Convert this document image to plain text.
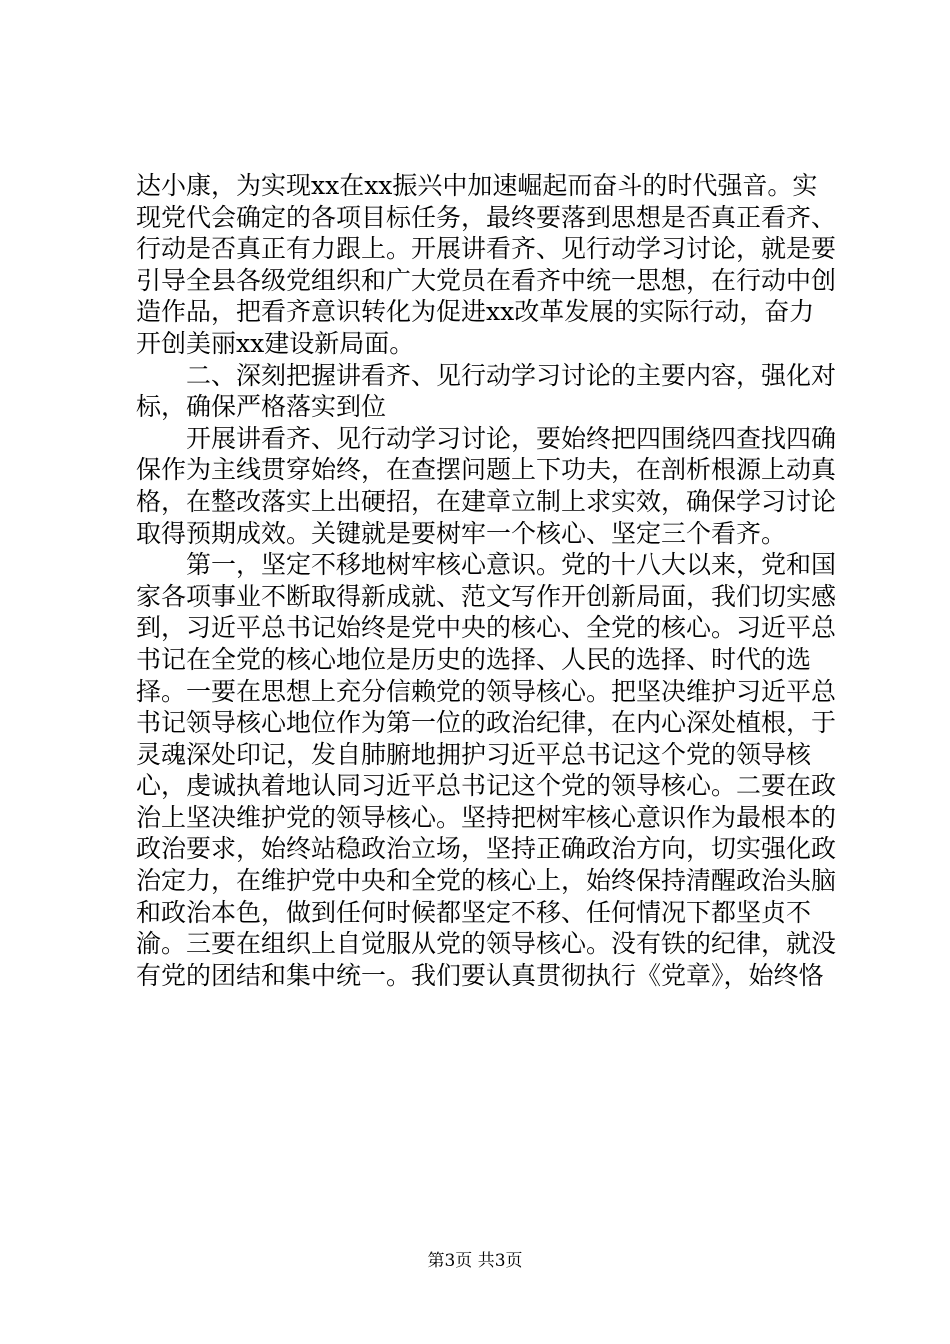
达小康，为实现xx在xx振兴中加速崛起而奋斗的时代强音。实现党代会确定的各项目标任务，最终要落到思想是否真正看齐、行动是否真正有力跟上。开展讲看齐、见行动学习讨论，就是要引导全县各级党组织和广大党员在看齐中统一思想，在行动中创造作品，把看齐意识转化为促进xx改革发展的实际行动，奋力开创美丽xx建设新局面。

二、深刻把握讲看齐、见行动学习讨论的主要内容，强化对标，确保严格落实到位

开展讲看齐、见行动学习讨论，要始终把四围绕四查找四确保作为主线贯穿始终，在查摆问题上下功夫，在剖析根源上动真格，在整改落实上出硬招，在建章立制上求实效，确保学习讨论取得预期成效。关键就是要树牢一个核心、坚定三个看齐。

第一，坚定不移地树牢核心意识。党的十八大以来，党和国家各项事业不断取得新成就、范文写作开创新局面，我们切实感到，习近平总书记始终是党中央的核心、全党的核心。习近平总书记在全党的核心地位是历史的选择、人民的选择、时代的选择。一要在思想上充分信赖党的领导核心。把坚决维护习近平总书记领导核心地位作为第一位的政治纪律，在内心深处植根，于灵魂深处印记，发自肺腑地拥护习近平总书记这个党的领导核心，虔诚执着地认同习近平总书记这个党的领导核心。二要在政治上坚决维护党的领导核心。坚持把树牢核心意识作为最根本的政治要求，始终站稳政治立场，坚持正确政治方向，切实强化政治定力，在维护党中央和全党的核心上，始终保持清醒政治头脑和政治本色，做到任何时候都坚定不移、任何情况下都坚贞不渝。三要在组织上自觉服从党的领导核心。没有铁的纪律，就没有党的团结和集中统一。我们要认真贯彻执行《党章》，始终恪

第3页 共3页
